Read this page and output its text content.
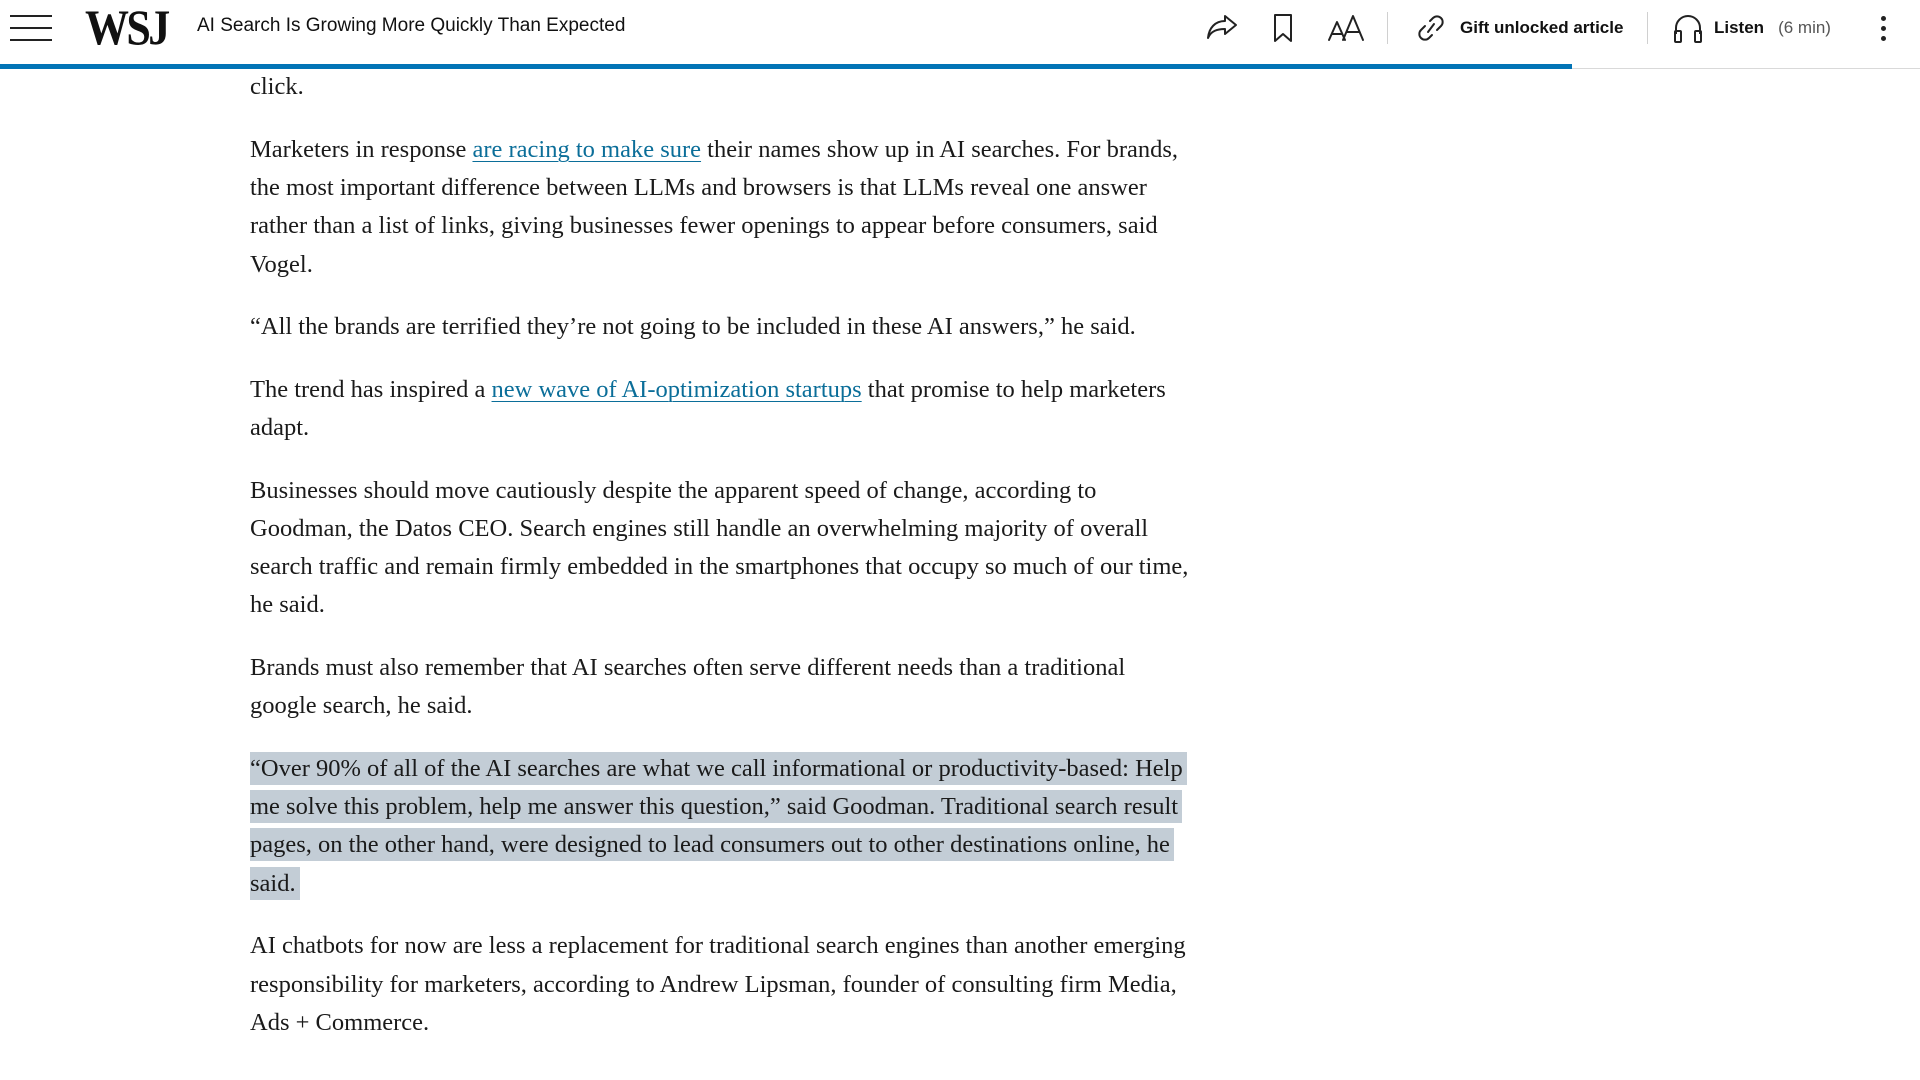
WSJ AI Search Is Growing More Quickly Than Expected	Gift unlocked article	Listen (6 min)

click.

Marketers in response are racing to make sure their names show up in AI searches. For brands, the most important difference between LLMs and browsers is that LLMs reveal one answer rather than a list of links, giving businesses fewer openings to appear before consumers, said Vogel.

“All the brands are terrified they’re not going to be included in these AI answers,” he said.

The trend has inspired a new wave of AI-optimization startups that promise to help marketers adapt.

Businesses should move cautiously despite the apparent speed of change, according to Goodman, the Datos CEO. Search engines still handle an overwhelming majority of overall search traffic and remain firmly embedded in the smartphones that occupy so much of our time, he said.

Brands must also remember that AI searches often serve different needs than a traditional google search, he said.

“Over 90% of all of the AI searches are what we call informational or productivity-based: Help me solve this problem, help me answer this question,” said Goodman. Traditional search result pages, on the other hand, were designed to lead consumers out to other destinations online, he said.

AI chatbots for now are less a replacement for traditional search engines than another emerging responsibility for marketers, according to Andrew Lipsman, founder of consulting firm Media, Ads + Commerce.
